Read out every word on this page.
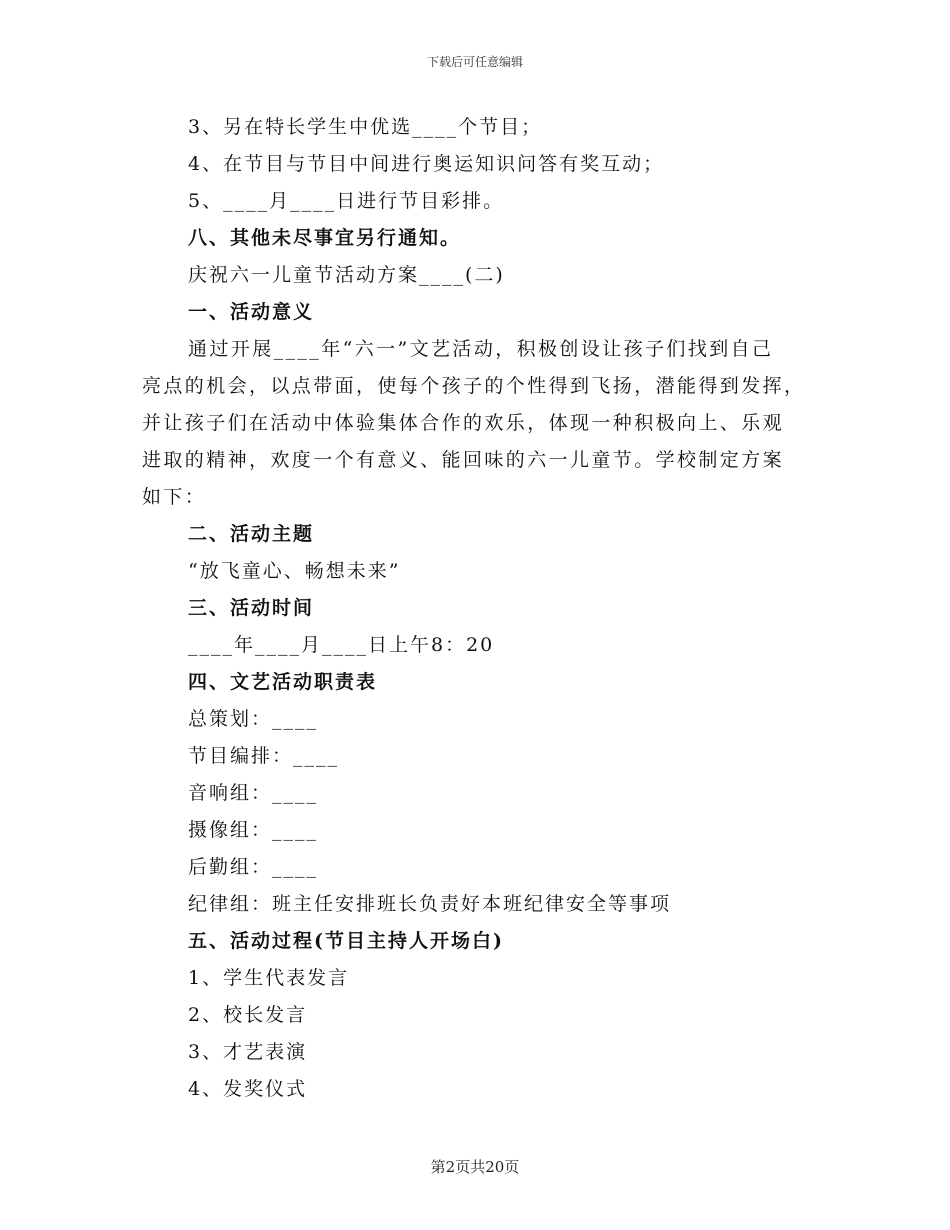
下载后可任意编辑
3、另在特长学生中优选____个节目；
4、在节目与节目中间进行奥运知识问答有奖互动；
5、____月____日进行节目彩排。
八、其他未尽事宜另行通知。
庆祝六一儿童节活动方案____(二)
一、活动意义
通过开展____年“六一”文艺活动，积极创设让孩子们找到自己
亮点的机会，以点带面，使每个孩子的个性得到飞扬，潜能得到发挥，
并让孩子们在活动中体验集体合作的欢乐，体现一种积极向上、乐观
进取的精神，欢度一个有意义、能回味的六一儿童节。学校制定方案
如下：
二、活动主题
“放飞童心、畅想未来”
三、活动时间
____年____月____日上午8：20
四、文艺活动职责表
总策划：____
节目编排：____
音响组：____
摄像组：____
后勤组：____
纪律组：班主任安排班长负责好本班纪律安全等事项
五、活动过程(节目主持人开场白)
1、学生代表发言
2、校长发言
3、才艺表演
4、发奖仪式
第2页共20页
